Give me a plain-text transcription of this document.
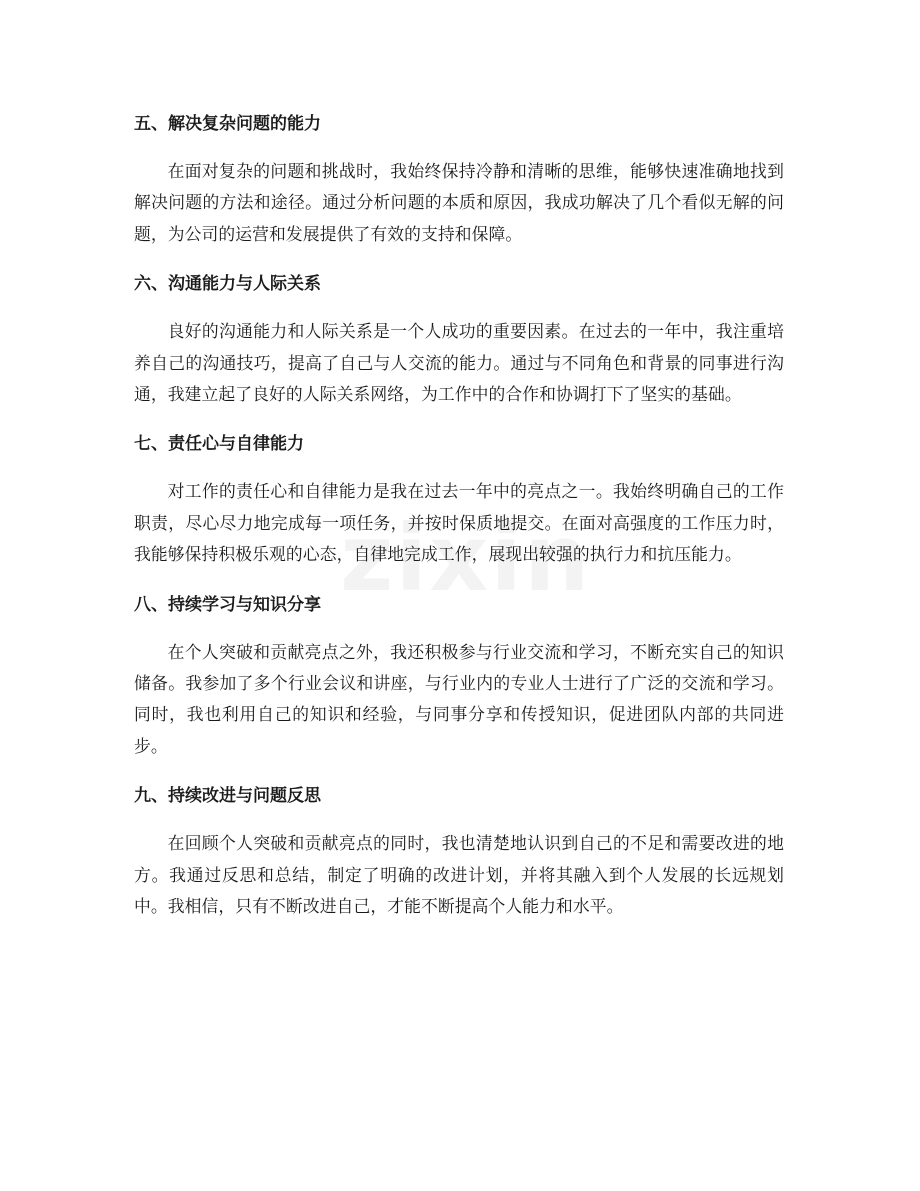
五、解决复杂问题的能力

在面对复杂的问题和挑战时，我始终保持冷静和清晰的思维，能够快速准确地找到解决问题的方法和途径。通过分析问题的本质和原因，我成功解决了几个看似无解的问题，为公司的运营和发展提供了有效的支持和保障。

六、沟通能力与人际关系

良好的沟通能力和人际关系是一个人成功的重要因素。在过去的一年中，我注重培养自己的沟通技巧，提高了自己与人交流的能力。通过与不同角色和背景的同事进行沟通，我建立起了良好的人际关系网络，为工作中的合作和协调打下了坚实的基础。

七、责任心与自律能力

对工作的责任心和自律能力是我在过去一年中的亮点之一。我始终明确自己的工作职责，尽心尽力地完成每一项任务，并按时保质地提交。在面对高强度的工作压力时，我能够保持积极乐观的心态，自律地完成工作，展现出较强的执行力和抗压能力。

八、持续学习与知识分享

在个人突破和贡献亮点之外，我还积极参与行业交流和学习，不断充实自己的知识储备。我参加了多个行业会议和讲座，与行业内的专业人士进行了广泛的交流和学习。同时，我也利用自己的知识和经验，与同事分享和传授知识，促进团队内部的共同进步。

九、持续改进与问题反思

在回顾个人突破和贡献亮点的同时，我也清楚地认识到自己的不足和需要改进的地方。我通过反思和总结，制定了明确的改进计划，并将其融入到个人发展的长远规划中。我相信，只有不断改进自己，才能不断提高个人能力和水平。
